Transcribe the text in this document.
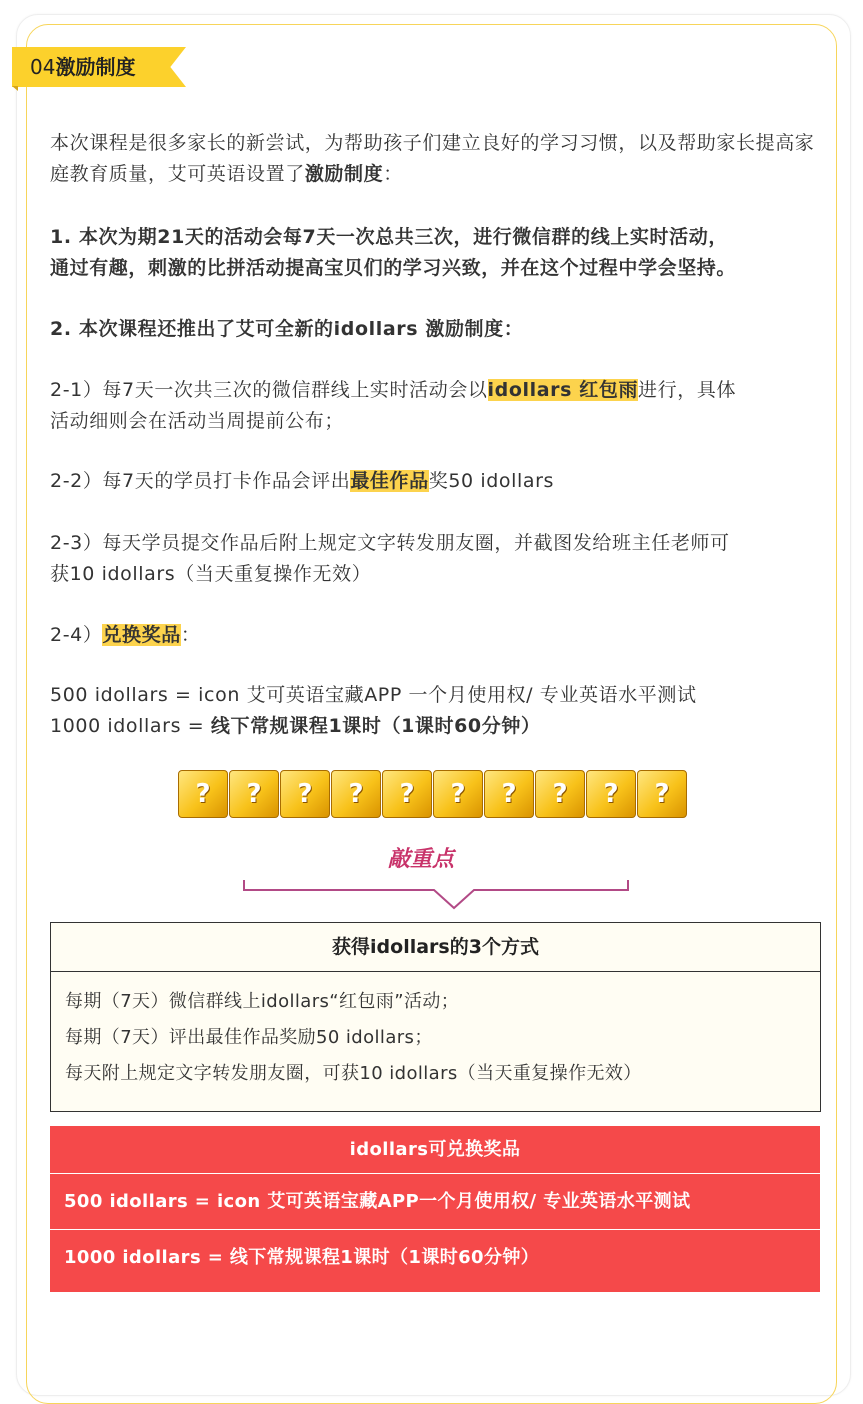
04激励制度
本次课程是很多家长的新尝试，为帮助孩子们建立良好的学习习惯，以及帮助家长提高家庭教育质量，艾可英语设置了激励制度：
1. 本次为期21天的活动会每7天一次总共三次，进行微信群的线上实时活动，
通过有趣，刺激的比拼活动提高宝贝们的学习兴致，并在这个过程中学会坚持。
2. 本次课程还推出了艾可全新的idollars 激励制度：
2-1）每7天一次共三次的微信群线上实时活动会以idollars 红包雨进行，具体
活动细则会在活动当周提前公布；
2-2）每7天的学员打卡作品会评出最佳作品奖50 idollars
2-3）每天学员提交作品后附上规定文字转发朋友圈，并截图发给班主任老师可
获10 idollars（当天重复操作无效）
2-4）兑换奖品：
500 idollars = icon 艾可英语宝藏APP 一个月使用权/ 专业英语水平测试
1000 idollars = 线下常规课程1课时（1课时60分钟）
?	?	?	?	?	?	?	?	?	?
敲重点
获得idollars的3个方式
每期（7天）微信群线上idollars“红包雨”活动；
每期（7天）评出最佳作品奖励50 idollars；
每天附上规定文字转发朋友圈，可获10 idollars（当天重复操作无效）
idollars可兑换奖品
500 idollars = icon 艾可英语宝藏APP一个月使用权/ 专业英语水平测试
1000 idollars = 线下常规课程1课时（1课时60分钟）
